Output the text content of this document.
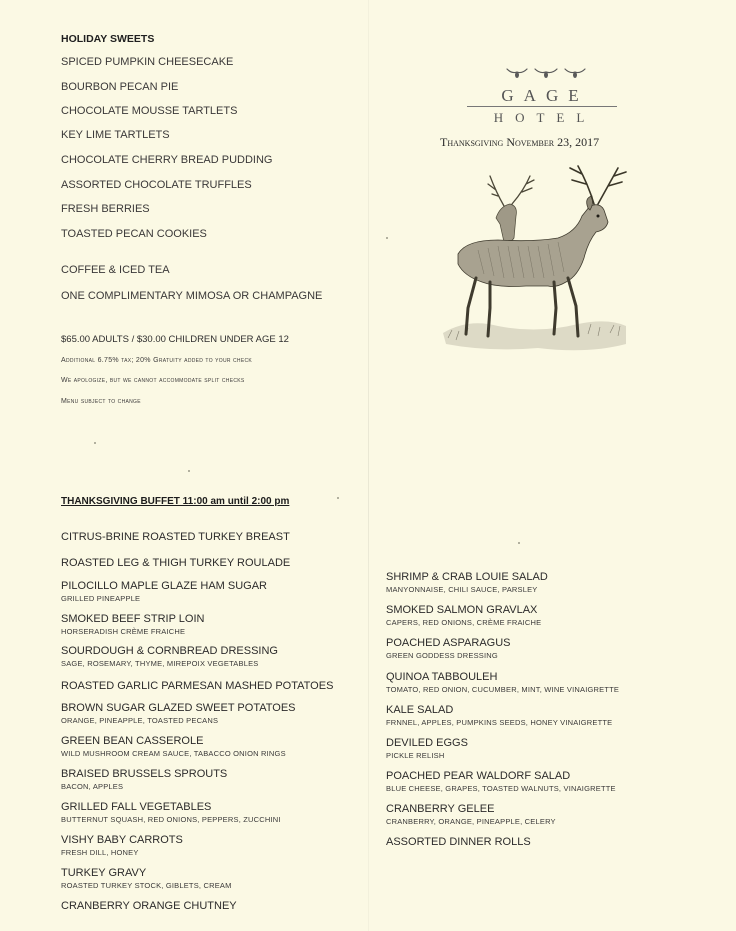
HOLIDAY SWEETS
SPICED PUMPKIN CHEESECAKE
BOURBON PECAN PIE
CHOCOLATE MOUSSE TARTLETS
KEY LIME TARTLETS
CHOCOLATE CHERRY BREAD PUDDING
ASSORTED CHOCOLATE TRUFFLES
FRESH BERRIES
TOASTED PECAN COOKIES
COFFEE & ICED TEA
ONE COMPLIMENTARY MIMOSA OR CHAMPAGNE
$65.00 ADULTS / $30.00 CHILDREN UNDER AGE 12
Additional 6.75% tax; 20% Gratuity added to your check
We apologize, but we cannot accommodate split checks
Menu subject to change
GAGE
HOTEL
Thanksgiving November 23, 2017
THANKSGIVING BUFFET 11:00 am until 2:00 pm
CITRUS-BRINE ROASTED TURKEY BREAST
ROASTED LEG & THIGH TURKEY ROULADE
PILOCILLO MAPLE GLAZE HAM SUGAR
GRILLED PINEAPPLE
SMOKED BEEF STRIP LOIN
HORSERADISH CRÈME FRAICHE
SOURDOUGH & CORNBREAD DRESSING
SAGE, ROSEMARY, THYME, MIREPOIX VEGETABLES
ROASTED GARLIC PARMESAN MASHED POTATOES
BROWN SUGAR GLAZED SWEET POTATOES
ORANGE, PINEAPPLE, TOASTED PECANS
GREEN BEAN CASSEROLE
WILD MUSHROOM CREAM SAUCE, TABACCO ONION RINGS
BRAISED BRUSSELS SPROUTS
BACON, APPLES
GRILLED FALL VEGETABLES
BUTTERNUT SQUASH, RED ONIONS, PEPPERS, ZUCCHINI
VISHY BABY CARROTS
FRESH DILL, HONEY
TURKEY GRAVY
ROASTED TURKEY STOCK, GIBLETS, CREAM
CRANBERRY ORANGE CHUTNEY
SHRIMP & CRAB LOUIE SALAD
MANYONNAISE, CHILI SAUCE, PARSLEY
SMOKED SALMON GRAVLAX
CAPERS, RED ONIONS, CRÈME FRAICHE
POACHED ASPARAGUS
GREEN GODDESS DRESSING
QUINOA TABBOULEH
TOMATO, RED ONION, CUCUMBER, MINT, WINE VINAIGRETTE
KALE SALAD
FRNNEL, APPLES, PUMPKINS SEEDS, HONEY VINAIGRETTE
DEVILED EGGS
PICKLE RELISH
POACHED PEAR WALDORF SALAD
BLUE CHEESE, GRAPES, TOASTED WALNUTS, VINAIGRETTE
CRANBERRY GELEE
CRANBERRY, ORANGE, PINEAPPLE, CELERY
ASSORTED DINNER ROLLS
